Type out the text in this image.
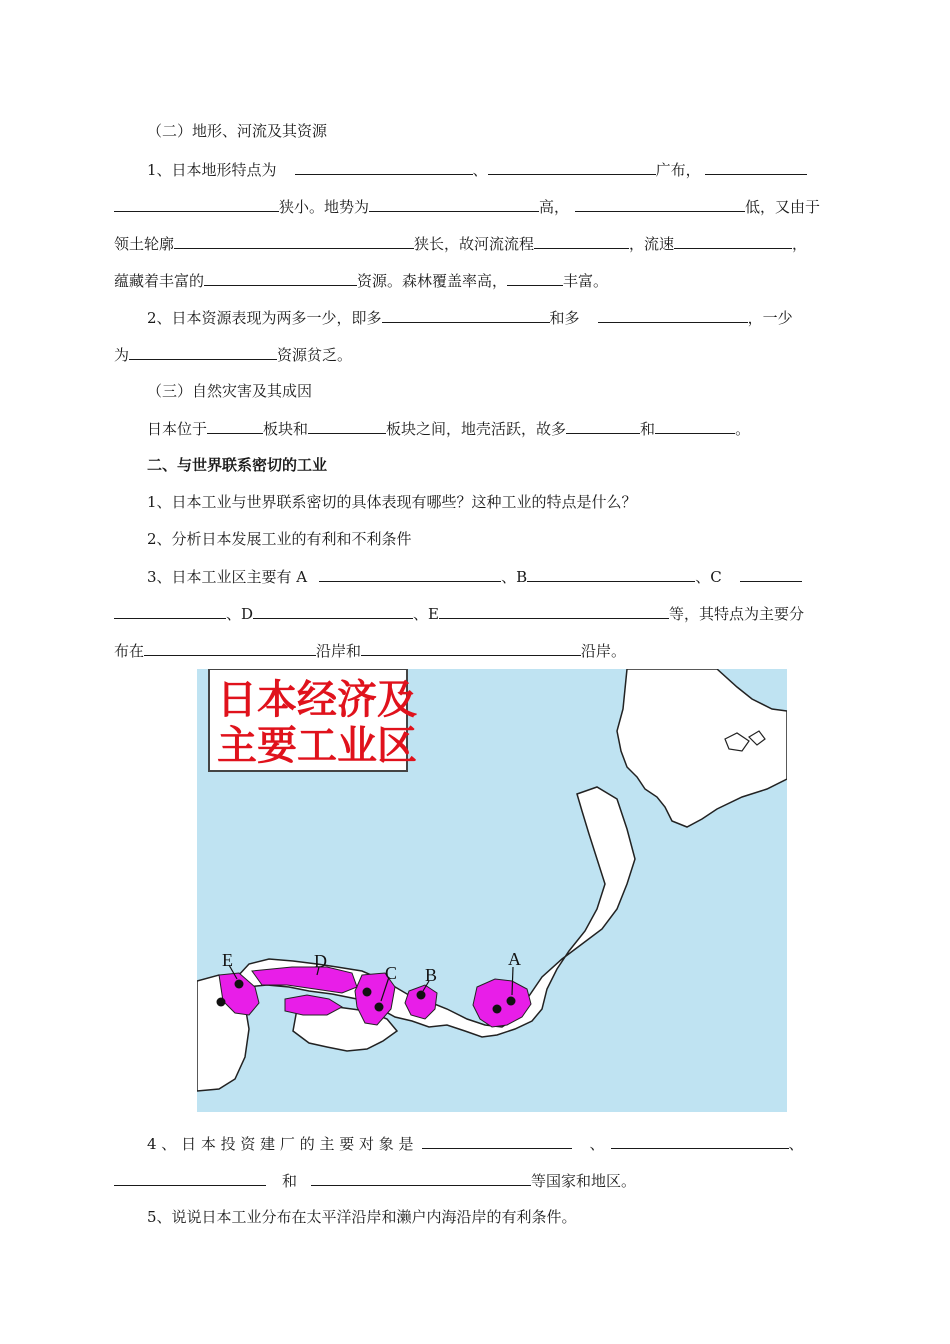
（二）地形、河流及其资源
1、日本地形特点为	、	广布，
狭小。地势为	高，	低，又由于
领土轮廓	狭长，故河流流程	，流速	，
蕴藏着丰富的	资源。森林覆盖率高，	丰富。
2、日本资源表现为两多一少，即多	和多	，一少
为	资源贫乏。
（三）自然灾害及其成因
日本位于	板块和	板块之间，地壳活跃，故多	和	。
二、与世界联系密切的工业
1、日本工业与世界联系密切的具体表现有哪些？这种工业的特点是什么？
2、分析日本发展工业的有利和不利条件
3、日本工业区主要有 A	、B	、C
、D	、E	等，其特点为主要分
布在	沿岸和	沿岸。
A
B
C
D
E
日本经济及
主要工业区
4 、 日 本 投 资 建 厂 的 主 要 对 象 是	、	、
和	等国家和地区。
5、说说日本工业分布在太平洋沿岸和濑户内海沿岸的有利条件。
